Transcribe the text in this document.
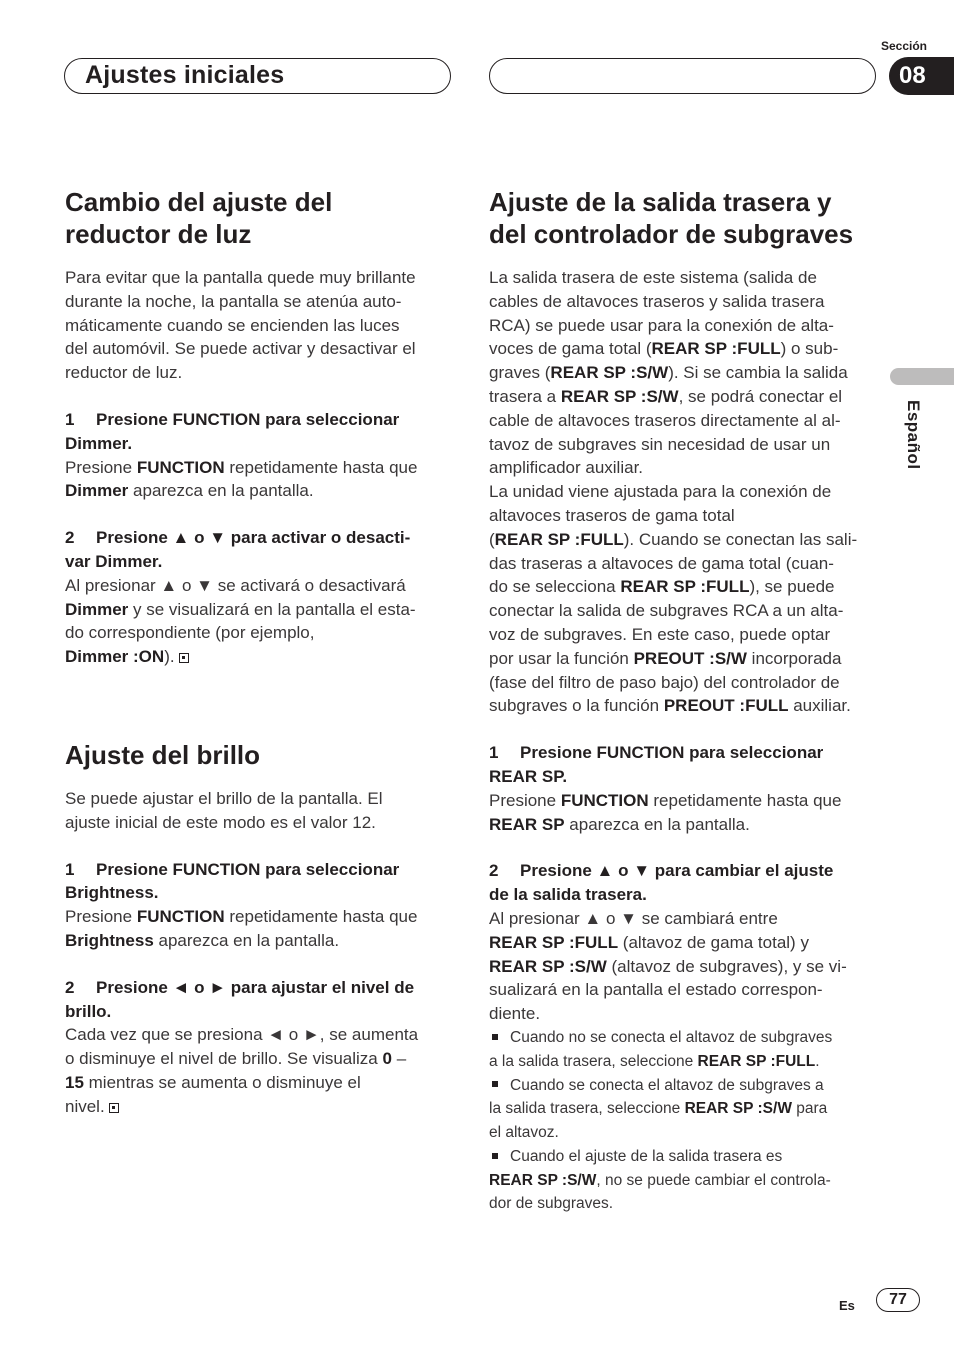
Ajustes iniciales
Sección
08
Español
Cambio del ajuste del
reductor de luz

Para evitar que la pantalla quede muy brillante
durante la noche, la pantalla se atenúa auto-
máticamente cuando se encienden las luces
del automóvil. Se puede activar y desactivar el
reductor de luz.

1 Presione FUNCTION para seleccionar
Dimmer.

Presione FUNCTION repetidamente hasta que
Dimmer aparezca en la pantalla.

2 Presione ▲ o ▼ para activar o desacti-
var Dimmer.

Al presionar ▲ o ▼ se activará o desactivará
Dimmer y se visualizará en la pantalla el esta-
do correspondiente (por ejemplo,
Dimmer :ON).

Ajuste del brillo

Se puede ajustar el brillo de la pantalla. El
ajuste inicial de este modo es el valor 12.

1 Presione FUNCTION para seleccionar
Brightness.

Presione FUNCTION repetidamente hasta que
Brightness aparezca en la pantalla.

2 Presione ◄ o ► para ajustar el nivel de
brillo.

Cada vez que se presiona ◄ o ►, se aumenta
o disminuye el nivel de brillo. Se visualiza 0 –
15 mientras se aumenta o disminuye el
nivel.

Ajuste de la salida trasera y
del controlador de subgraves

La salida trasera de este sistema (salida de
cables de altavoces traseros y salida trasera
RCA) se puede usar para la conexión de alta-
voces de gama total (REAR SP :FULL) o sub-
graves (REAR SP :S/W). Si se cambia la salida
trasera a REAR SP :S/W, se podrá conectar el
cable de altavoces traseros directamente al al-
tavoz de subgraves sin necesidad de usar un
amplificador auxiliar.

La unidad viene ajustada para la conexión de
altavoces traseros de gama total
(REAR SP :FULL). Cuando se conectan las sali-
das traseras a altavoces de gama total (cuan-
do se selecciona REAR SP :FULL), se puede
conectar la salida de subgraves RCA a un alta-
voz de subgraves. En este caso, puede optar
por usar la función PREOUT :S/W incorporada
(fase del filtro de paso bajo) del controlador de
subgraves o la función PREOUT :FULL auxiliar.

1 Presione FUNCTION para seleccionar
REAR SP.

Presione FUNCTION repetidamente hasta que
REAR SP aparezca en la pantalla.

2 Presione ▲ o ▼ para cambiar el ajuste
de la salida trasera.

Al presionar ▲ o ▼ se cambiará entre
REAR SP :FULL (altavoz de gama total) y
REAR SP :S/W (altavoz de subgraves), y se vi-
sualizará en la pantalla el estado correspon-
diente.

Cuando no se conecta el altavoz de subgraves
a la salida trasera, seleccione REAR SP :FULL.

Cuando se conecta el altavoz de subgraves a
la salida trasera, seleccione REAR SP :S/W para
el altavoz.

Cuando el ajuste de la salida trasera es
REAR SP :S/W, no se puede cambiar el controla-
dor de subgraves.

Es	77
